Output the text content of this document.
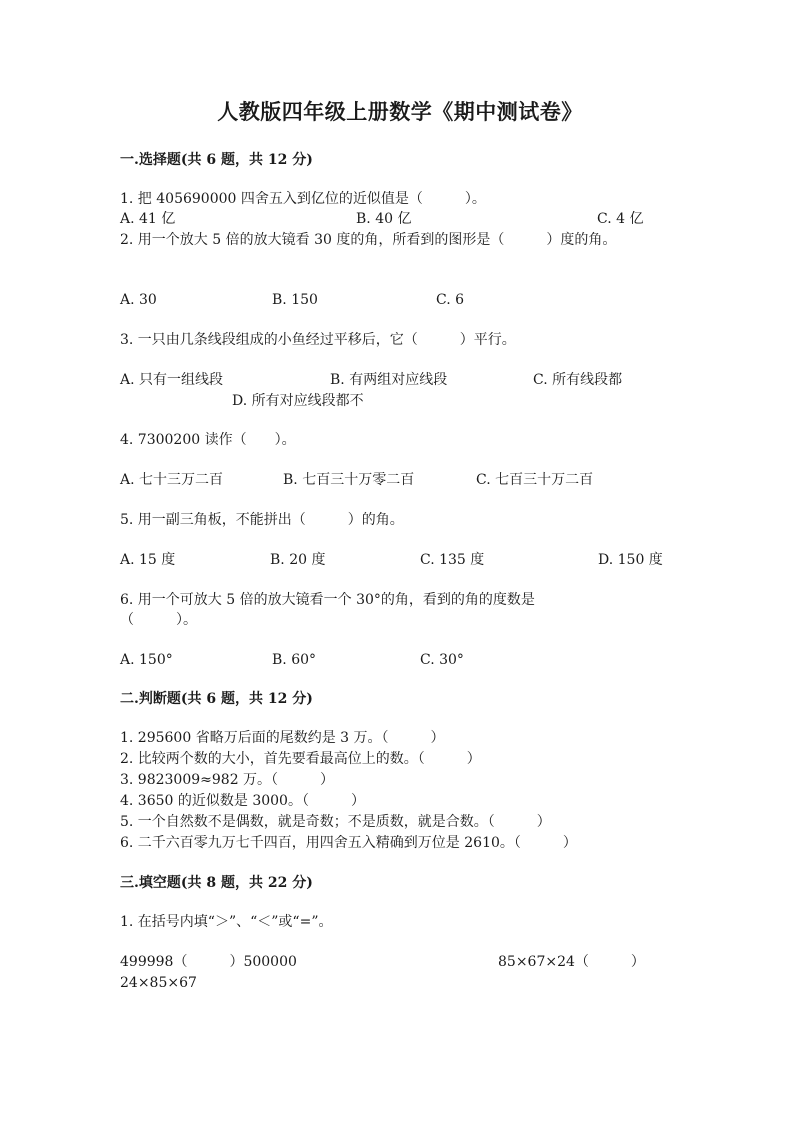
人教版四年级上册数学《期中测试卷》
一.选择题(共 6 题，共 12 分)
1. 把 405690000 四舍五入到亿位的近似值是（　　　）。
A. 41 亿	B. 40 亿	C. 4 亿
2. 用一个放大 5 倍的放大镜看 30 度的角，所看到的图形是（　　　）度的角。
A. 30	B. 150	C. 6
3. 一只由几条线段组成的小鱼经过平移后，它（　　　）平行。
A. 只有一组线段	B. 有两组对应线段	C. 所有线段都
D. 所有对应线段都不
4. 7300200 读作（　　）。
A. 七十三万二百	B. 七百三十万零二百	C. 七百三十万二百
5. 用一副三角板，不能拼出（　　　）的角。
A. 15 度	B. 20 度	C. 135 度	D. 150 度
6. 用一个可放大 5 倍的放大镜看一个 30°的角，看到的角的度数是
（　　　）。
A. 150°	B. 60°	C. 30°
二.判断题(共 6 题，共 12 分)
1. 295600 省略万后面的尾数约是 3 万。（　　　）
2. 比较两个数的大小，首先要看最高位上的数。（　　　）
3. 9823009≈982 万。（　　　）
4. 3650 的近似数是 3000。（　　　）
5. 一个自然数不是偶数，就是奇数；不是质数，就是合数。（　　　）
6. 二千六百零九万七千四百，用四舍五入精确到万位是 2610。（　　　）
三.填空题(共 8 题，共 22 分)
1. 在括号内填“＞”、“＜”或“=”。
499998（　　　）500000	85×67×24（　　　）
24×85×67
